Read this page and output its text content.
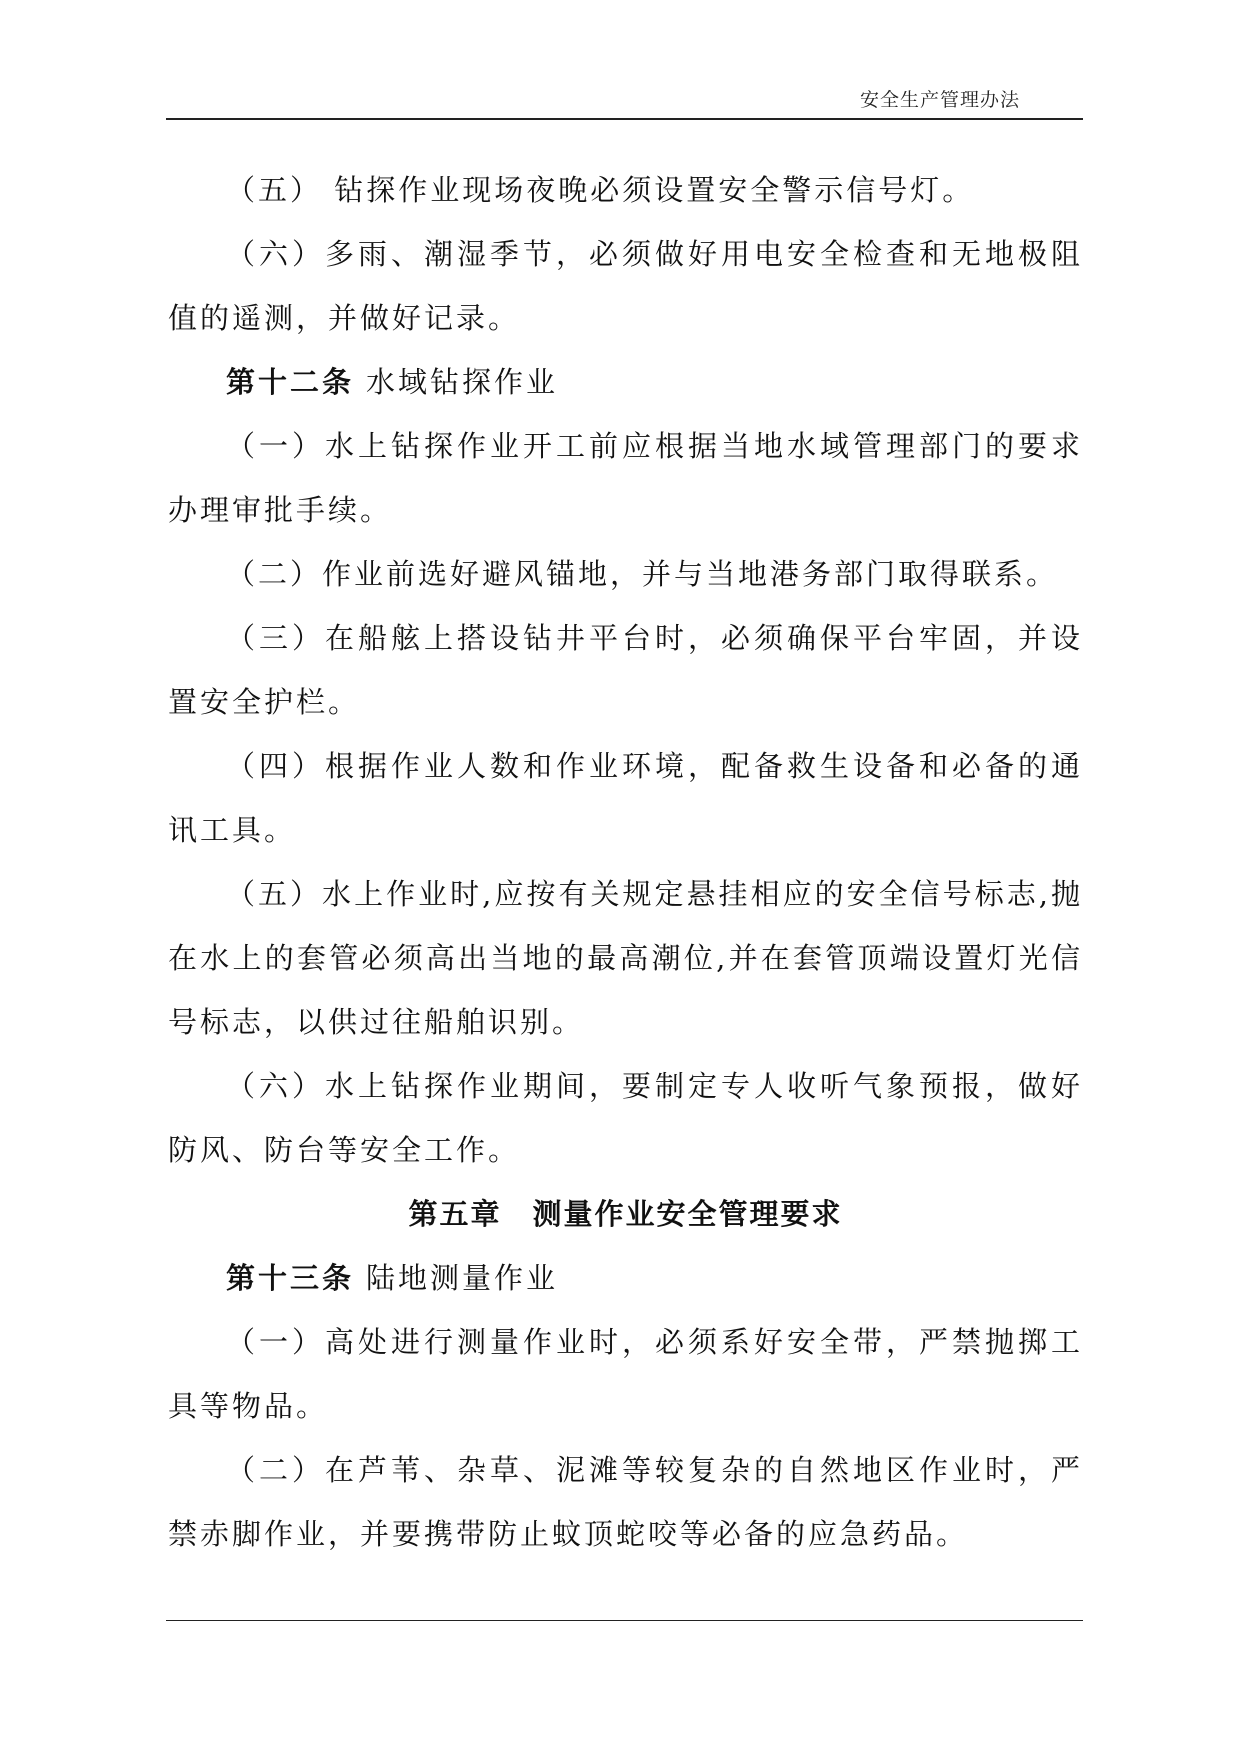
安全生产管理办法

（五） 钻探作业现场夜晚必须设置安全警示信号灯。

（六）多雨、潮湿季节，必须做好用电安全检查和无地极阻值的遥测，并做好记录。

第十二条 水域钻探作业

（一）水上钻探作业开工前应根据当地水域管理部门的要求办理审批手续。

（二）作业前选好避风锚地，并与当地港务部门取得联系。

（三）在船舷上搭设钻井平台时，必须确保平台牢固，并设置安全护栏。

（四）根据作业人数和作业环境，配备救生设备和必备的通讯工具。

（五）水上作业时,应按有关规定悬挂相应的安全信号标志,抛在水上的套管必须高出当地的最高潮位,并在套管顶端设置灯光信号标志，以供过往船舶识别。

（六）水上钻探作业期间，要制定专人收听气象预报，做好防风、防台等安全工作。

第五章　测量作业安全管理要求

第十三条 陆地测量作业

（一）高处进行测量作业时，必须系好安全带，严禁抛掷工具等物品。

（二）在芦苇、杂草、泥滩等较复杂的自然地区作业时，严禁赤脚作业，并要携带防止蚊顶蛇咬等必备的应急药品。
